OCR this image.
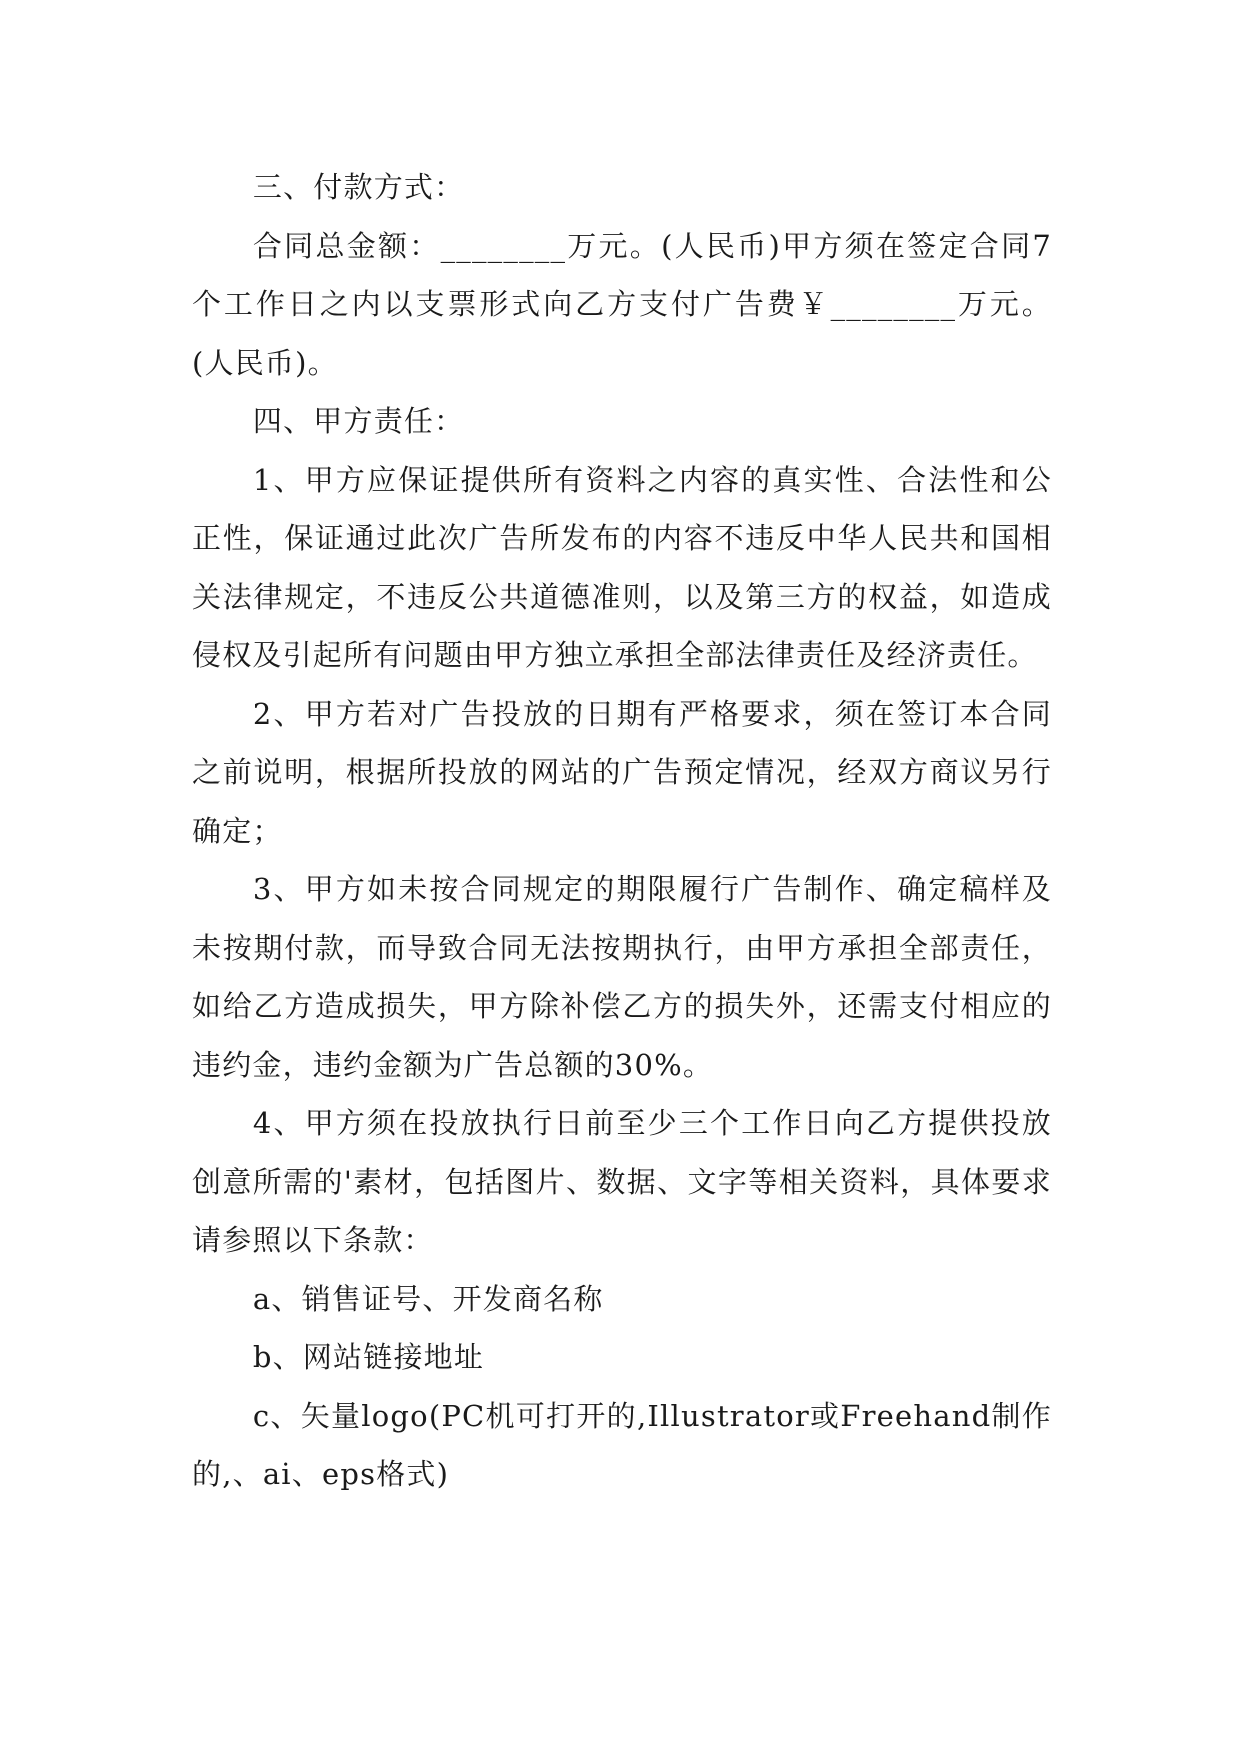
三、付款方式：

合同总金额：________万元。(人民币)甲方须在签定合同7个工作日之内以支票形式向乙方支付广告费￥________万元。(人民币)。

四、甲方责任：

1、甲方应保证提供所有资料之内容的真实性、合法性和公正性，保证通过此次广告所发布的内容不违反中华人民共和国相关法律规定，不违反公共道德准则，以及第三方的权益，如造成侵权及引起所有问题由甲方独立承担全部法律责任及经济责任。

2、甲方若对广告投放的日期有严格要求，须在签订本合同之前说明，根据所投放的网站的广告预定情况，经双方商议另行确定；

3、甲方如未按合同规定的期限履行广告制作、确定稿样及未按期付款，而导致合同无法按期执行，由甲方承担全部责任，如给乙方造成损失，甲方除补偿乙方的损失外，还需支付相应的违约金，违约金额为广告总额的30%。

4、甲方须在投放执行日前至少三个工作日向乙方提供投放创意所需的'素材，包括图片、数据、文字等相关资料，具体要求请参照以下条款：

a、销售证号、开发商名称

b、网站链接地址

c、矢量logo(PC机可打开的,Illustrator或Freehand制作的,、ai、eps格式)
